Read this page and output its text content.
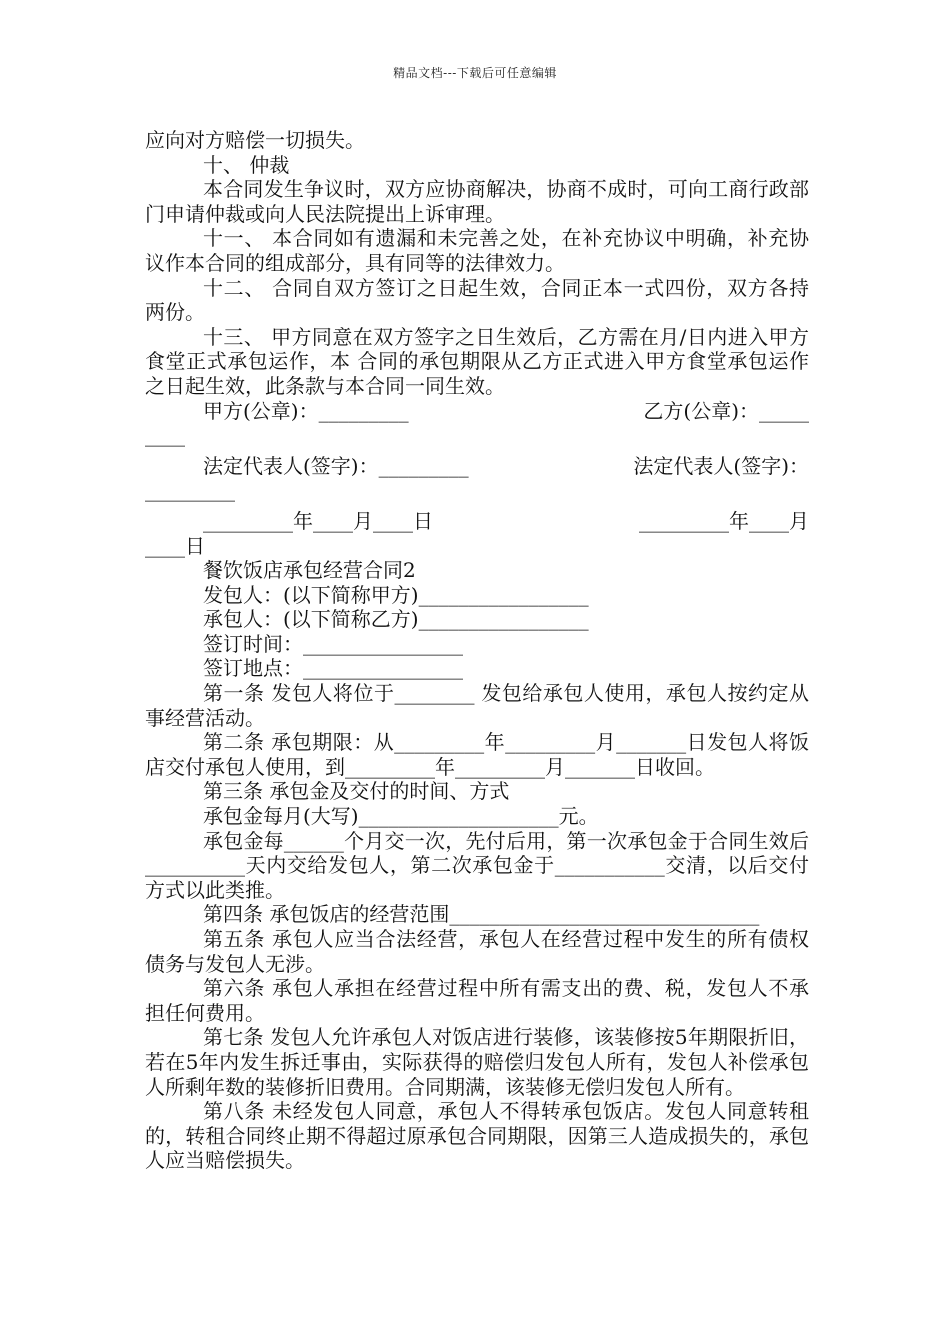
精品文档---下载后可任意编辑

应向对方赔偿一切损失。

十、 仲裁

本合同发生争议时，双方应协商解决，协商不成时，可向工商行政部门申请仲裁或向人民法院提出上诉审理。

十一、 本合同如有遗漏和未完善之处，在补充协议中明确，补充协议作本合同的组成部分，具有同等的法律效力。

十二、 合同自双方签订之日起生效，合同正本一式四份，双方各持两份。

十三、 甲方同意在双方签字之日生效后，乙方需在月/日内进入甲方食堂正式承包运作，本 合同的承包期限从乙方正式进入甲方食堂承包运作之日起生效，此条款与本合同一同生效。

甲方(公章)：_________	乙方(公章)：_____

____

法定代表人(签字)：_________	法定代表人(签字)：

_________

_________年____月____日	_________年____月

____日

餐饮饭店承包经营合同2

发包人：(以下简称甲方)_________________

承包人：(以下简称乙方)_________________

签订时间：________________

签订地点：________________

第一条 发包人将位于________ 发包给承包人使用，承包人按约定从事经营活动。

第二条 承包期限：从_________年_________月_______日发包人将饭店交付承包人使用，到_________年_________月_______日收回。

第三条 承包金及交付的时间、方式

承包金每月(大写)____________________元。

承包金每______个月交一次，先付后用，第一次承包金于合同生效后__________天内交给发包人，第二次承包金于___________交清，以后交付方式以此类推。

第四条 承包饭店的经营范围_______________________________

第五条 承包人应当合法经营，承包人在经营过程中发生的所有债权债务与发包人无涉。

第六条 承包人承担在经营过程中所有需支出的费、税，发包人不承担任何费用。

第七条 发包人允许承包人对饭店进行装修，该装修按5年期限折旧，若在5年内发生拆迁事由，实际获得的赔偿归发包人所有，发包人补偿承包人所剩年数的装修折旧费用。合同期满，该装修无偿归发包人所有。

第八条 未经发包人同意，承包人不得转承包饭店。发包人同意转租的，转租合同终止期不得超过原承包合同期限，因第三人造成损失的，承包人应当赔偿损失。
